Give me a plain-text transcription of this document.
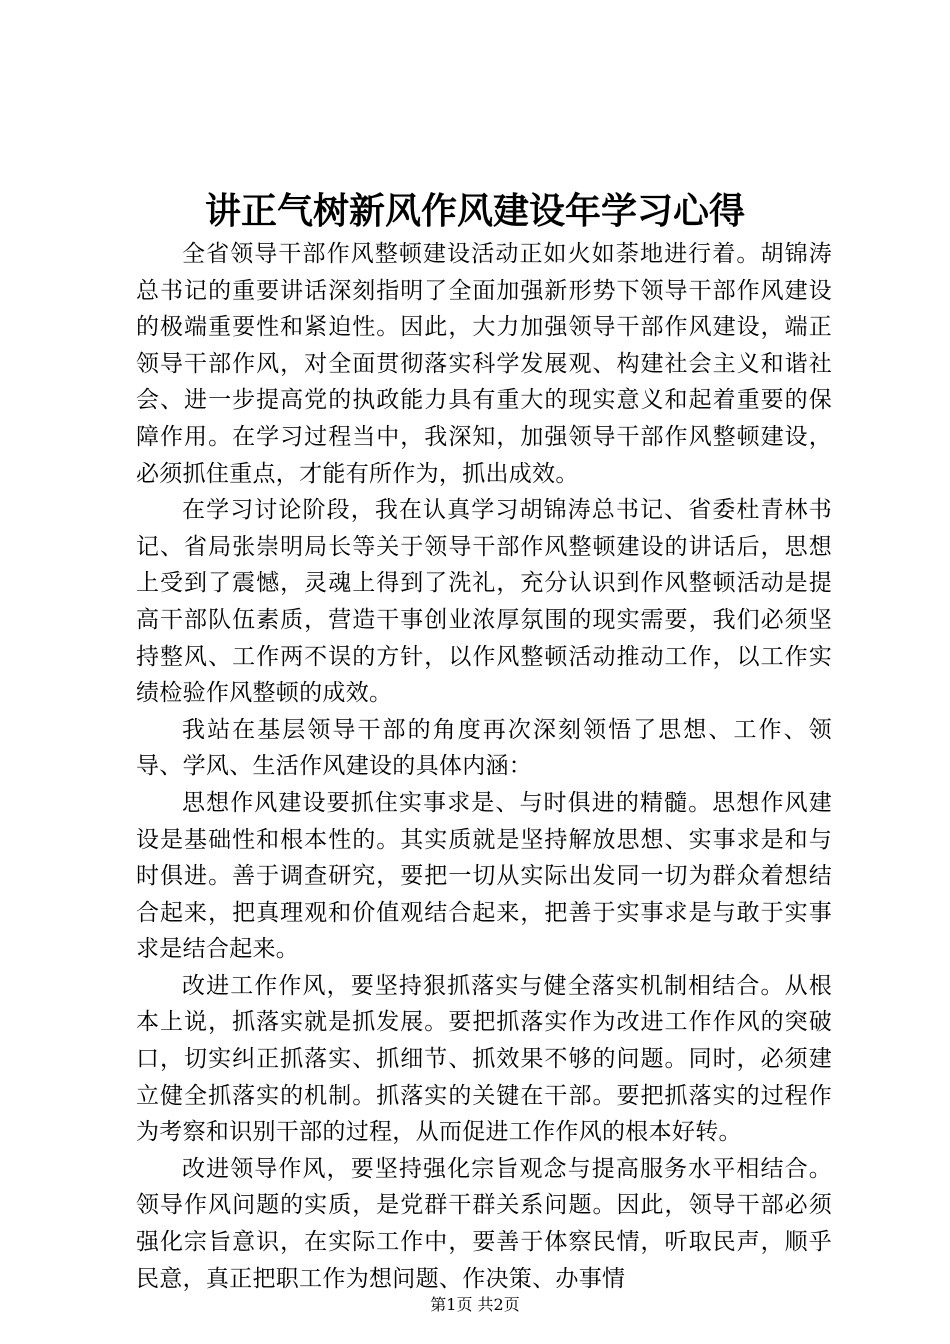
讲正气树新风作风建设年学习心得

全省领导干部作风整顿建设活动正如火如荼地进行着。胡锦涛总书记的重要讲话深刻指明了全面加强新形势下领导干部作风建设的极端重要性和紧迫性。因此，大力加强领导干部作风建设，端正领导干部作风，对全面贯彻落实科学发展观、构建社会主义和谐社会、进一步提高党的执政能力具有重大的现实意义和起着重要的保障作用。在学习过程当中，我深知，加强领导干部作风整顿建设，必须抓住重点，才能有所作为，抓出成效。

在学习讨论阶段，我在认真学习胡锦涛总书记、省委杜青林书记、省局张崇明局长等关于领导干部作风整顿建设的讲话后，思想上受到了震憾，灵魂上得到了洗礼，充分认识到作风整顿活动是提高干部队伍素质，营造干事创业浓厚氛围的现实需要，我们必须坚持整风、工作两不误的方针，以作风整顿活动推动工作，以工作实绩检验作风整顿的成效。

我站在基层领导干部的角度再次深刻领悟了思想、工作、领导、学风、生活作风建设的具体内涵：

思想作风建设要抓住实事求是、与时俱进的精髓。思想作风建设是基础性和根本性的。其实质就是坚持解放思想、实事求是和与时俱进。善于调查研究，要把一切从实际出发同一切为群众着想结合起来，把真理观和价值观结合起来，把善于实事求是与敢于实事求是结合起来。

改进工作作风，要坚持狠抓落实与健全落实机制相结合。从根本上说，抓落实就是抓发展。要把抓落实作为改进工作作风的突破口，切实纠正抓落实、抓细节、抓效果不够的问题。同时，必须建立健全抓落实的机制。抓落实的关键在干部。要把抓落实的过程作为考察和识别干部的过程，从而促进工作作风的根本好转。

改进领导作风，要坚持强化宗旨观念与提高服务水平相结合。领导作风问题的实质，是党群干群关系问题。因此，领导干部必须强化宗旨意识，在实际工作中，要善于体察民情，听取民声，顺乎民意，真正把职工作为想问题、作决策、办事情

第1页 共2页
